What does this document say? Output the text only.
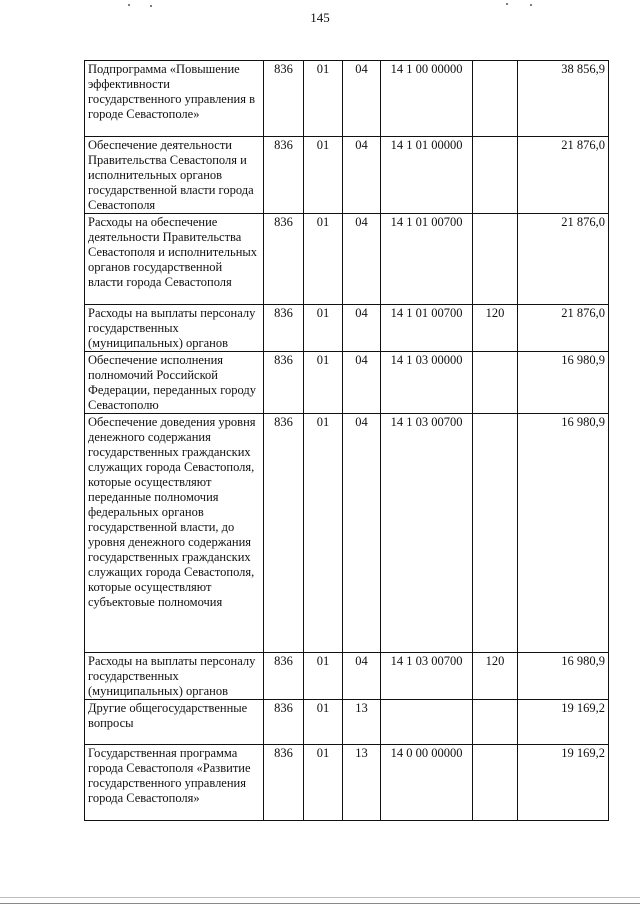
145
Подпрограмма «Повышение эффективности государственного управления в городе Севастополе»	836	01	04	14 1 00 00000		38 856,9
Обеспечение деятельности Правительства Севастополя и исполнительных органов государственной власти города Севастополя	836	01	04	14 1 01 00000		21 876,0
Расходы на обеспечение деятельности Правительства Севастополя и исполнительных органов государственной власти города Севастополя	836	01	04	14 1 01 00700		21 876,0
Расходы на выплаты персоналу государственных (муниципальных) органов	836	01	04	14 1 01 00700	120	21 876,0
Обеспечение исполнения полномочий Российской Федерации, переданных городу Севастополю	836	01	04	14 1 03 00000		16 980,9
Обеспечение доведения уровня денежного содержания государственных гражданских служащих города Севастополя, которые осуществляют переданные полномочия федеральных органов государственной власти, до уровня денежного содержания государственных гражданских служащих города Севастополя, которые осуществляют субъектовые полномочия	836	01	04	14 1 03 00700		16 980,9
Расходы на выплаты персоналу государственных (муниципальных) органов	836	01	04	14 1 03 00700	120	16 980,9
Другие общегосударственные вопросы	836	01	13			19 169,2
Государственная программа города Севастополя «Развитие государственного управления города Севастополя»	836	01	13	14 0 00 00000		19 169,2
